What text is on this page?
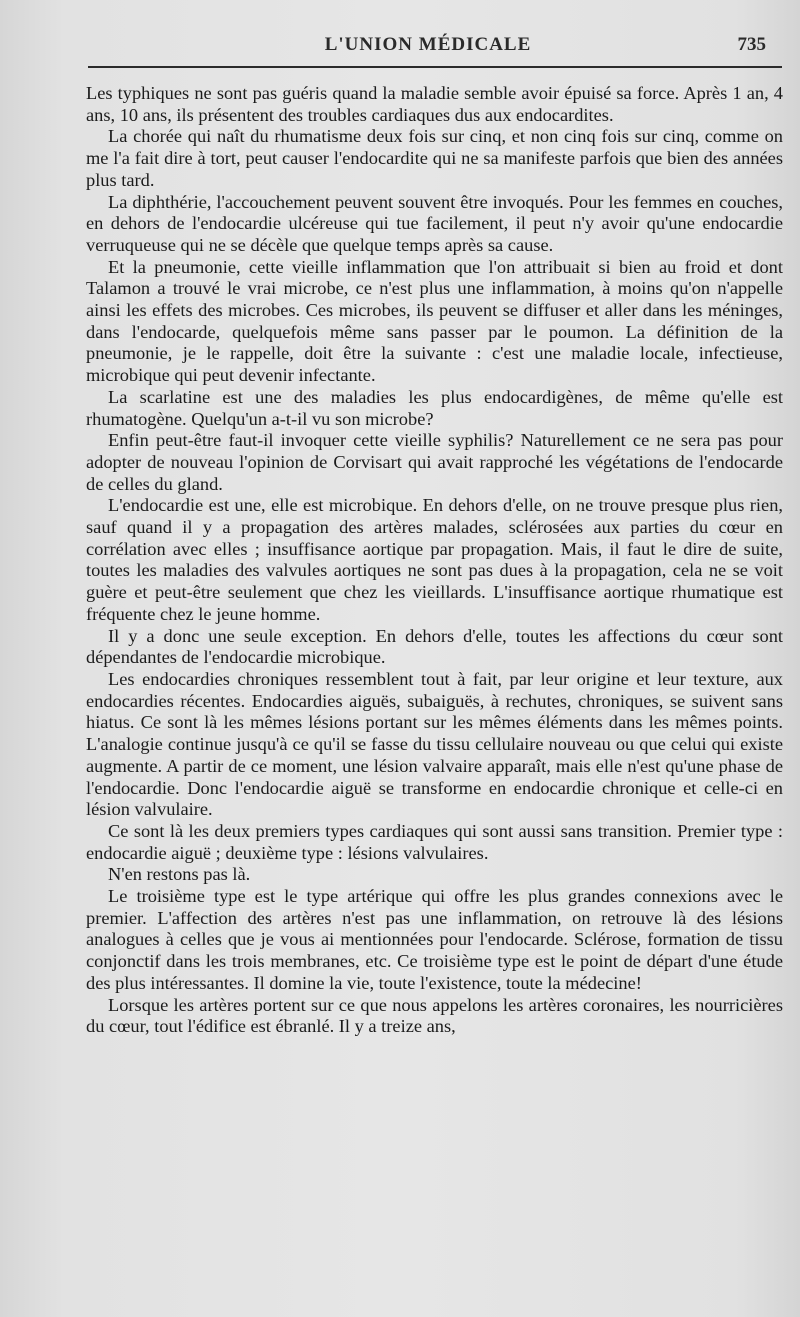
L'UNION MÉDICALE	735

Les typhiques ne sont pas guéris quand la maladie semble avoir épuisé sa force. Après 1 an, 4 ans, 10 ans, ils présentent des troubles cardiaques dus aux endocardites.

La chorée qui naît du rhumatisme deux fois sur cinq, et non cinq fois sur cinq, comme on me l'a fait dire à tort, peut causer l'endocardite qui ne sa manifeste parfois que bien des années plus tard.

La diphthérie, l'accouchement peuvent souvent être invoqués. Pour les femmes en couches, en dehors de l'endocardie ulcéreuse qui tue facilement, il peut n'y avoir qu'une endocardie verruqueuse qui ne se décèle que quelque temps après sa cause.

Et la pneumonie, cette vieille inflammation que l'on attribuait si bien au froid et dont Talamon a trouvé le vrai microbe, ce n'est plus une inflammation, à moins qu'on n'appelle ainsi les effets des microbes. Ces microbes, ils peuvent se diffuser et aller dans les méninges, dans l'endocarde, quelquefois même sans passer par le poumon. La définition de la pneumonie, je le rappelle, doit être la suivante : c'est une maladie locale, infectieuse, microbique qui peut devenir infectante.

La scarlatine est une des maladies les plus endocardigènes, de même qu'elle est rhumatogène. Quelqu'un a-t-il vu son microbe?

Enfin peut-être faut-il invoquer cette vieille syphilis? Naturellement ce ne sera pas pour adopter de nouveau l'opinion de Corvisart qui avait rapproché les végétations de l'endocarde de celles du gland.

L'endocardie est une, elle est microbique. En dehors d'elle, on ne trouve presque plus rien, sauf quand il y a propagation des artères malades, sclérosées aux parties du cœur en corrélation avec elles ; insuffisance aortique par propagation. Mais, il faut le dire de suite, toutes les maladies des valvules aortiques ne sont pas dues à la propagation, cela ne se voit guère et peut-être seulement que chez les vieillards. L'insuffisance aortique rhumatique est fréquente chez le jeune homme.

Il y a donc une seule exception. En dehors d'elle, toutes les affections du cœur sont dépendantes de l'endocardie microbique.

Les endocardies chroniques ressemblent tout à fait, par leur origine et leur texture, aux endocardies récentes. Endocardies aiguës, subaiguës, à rechutes, chroniques, se suivent sans hiatus. Ce sont là les mêmes lésions portant sur les mêmes éléments dans les mêmes points. L'analogie continue jusqu'à ce qu'il se fasse du tissu cellulaire nouveau ou que celui qui existe augmente. A partir de ce moment, une lésion valvaire apparaît, mais elle n'est qu'une phase de l'endocardie. Donc l'endocardie aiguë se transforme en endocardie chronique et celle-ci en lésion valvulaire.

Ce sont là les deux premiers types cardiaques qui sont aussi sans transition. Premier type : endocardie aiguë ; deuxième type : lésions valvulaires.

N'en restons pas là.

Le troisième type est le type artérique qui offre les plus grandes connexions avec le premier. L'affection des artères n'est pas une inflammation, on retrouve là des lésions analogues à celles que je vous ai mentionnées pour l'endocarde. Sclérose, formation de tissu conjonctif dans les trois membranes, etc. Ce troisième type est le point de départ d'une étude des plus intéressantes. Il domine la vie, toute l'existence, toute la médecine!

Lorsque les artères portent sur ce que nous appelons les artères coronaires, les nourricières du cœur, tout l'édifice est ébranlé. Il y a treize ans,
